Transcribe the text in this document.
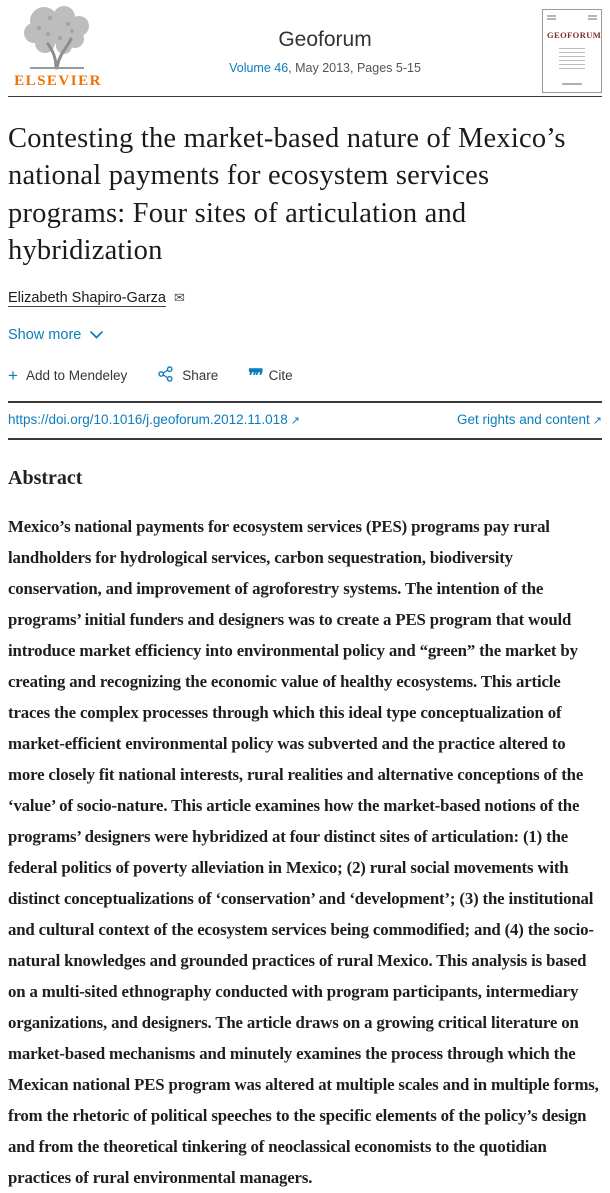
ELSEVIER
Geoforum
Volume 46, May 2013, Pages 5-15
GEOFORUM
Contesting the market-based nature of Mexico’s national payments for ecosystem services programs: Four sites of articulation and hybridization
Elizabeth Shapiro-Garza ✉
Show more
+ Add to Mendeley	Share ❞❞ Cite
https://doi.org/10.1016/j.geoforum.2012.11.018 ↗	Get rights and content ↗
Abstract

Mexico’s national payments for ecosystem services (PES) programs pay rural landholders for hydrological services, carbon sequestration, biodiversity conservation, and improvement of agroforestry systems. The intention of the programs’ initial funders and designers was to create a PES program that would introduce market efficiency into environmental policy and “green” the market by creating and recognizing the economic value of healthy ecosystems. This article traces the complex processes through which this ideal type conceptualization of market-efficient environmental policy was subverted and the practice altered to more closely fit national interests, rural realities and alternative conceptions of the ‘value’ of socio-nature. This article examines how the market-based notions of the programs’ designers were hybridized at four distinct sites of articulation: (1) the federal politics of poverty alleviation in Mexico; (2) rural social movements with distinct conceptualizations of ‘conservation’ and ‘development’; (3) the institutional and cultural context of the ecosystem services being commodified; and (4) the socio-natural knowledges and grounded practices of rural Mexico. This analysis is based on a multi-sited ethnography conducted with program participants, intermediary organizations, and designers. The article draws on a growing critical literature on market-based mechanisms and minutely examines the process through which the Mexican national PES program was altered at multiple scales and in multiple forms, from the rhetoric of political speeches to the specific elements of the policy’s design and from the theoretical tinkering of neoclassical economists to the quotidian practices of rural environmental managers.
